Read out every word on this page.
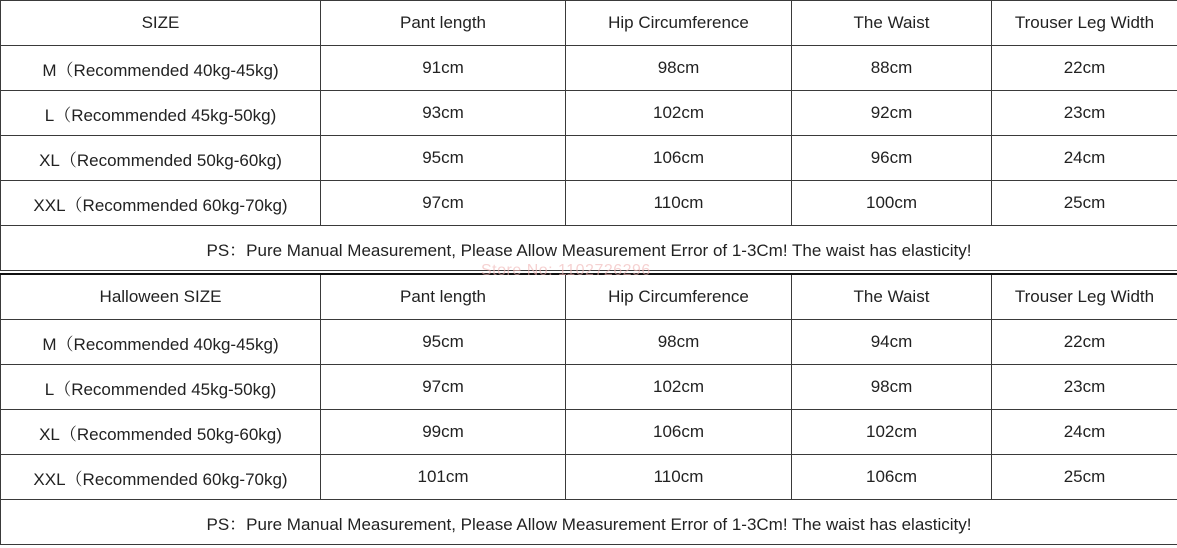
SIZE	Pant length	Hip Circumference	The Waist	Trouser Leg Width
M（Recommended 40kg-45kg)	91cm	98cm	88cm	22cm
L（Recommended 45kg-50kg)	93cm	102cm	92cm	23cm
XL（Recommended 50kg-60kg)	95cm	106cm	96cm	24cm
XXL（Recommended 60kg-70kg)	97cm	110cm	100cm	25cm
PS：Pure Manual Measurement, Please Allow Measurement Error of 1-3Cm! The waist has elasticity!				
Halloween SIZE	Pant length	Hip Circumference	The Waist	Trouser Leg Width
M（Recommended 40kg-45kg)	95cm	98cm	94cm	22cm
L（Recommended 45kg-50kg)	97cm	102cm	98cm	23cm
XL（Recommended 50kg-60kg)	99cm	106cm	102cm	24cm
XXL（Recommended 60kg-70kg)	101cm	110cm	106cm	25cm
PS：Pure Manual Measurement, Please Allow Measurement Error of 1-3Cm! The waist has elasticity!				
Store No: 1102726296
